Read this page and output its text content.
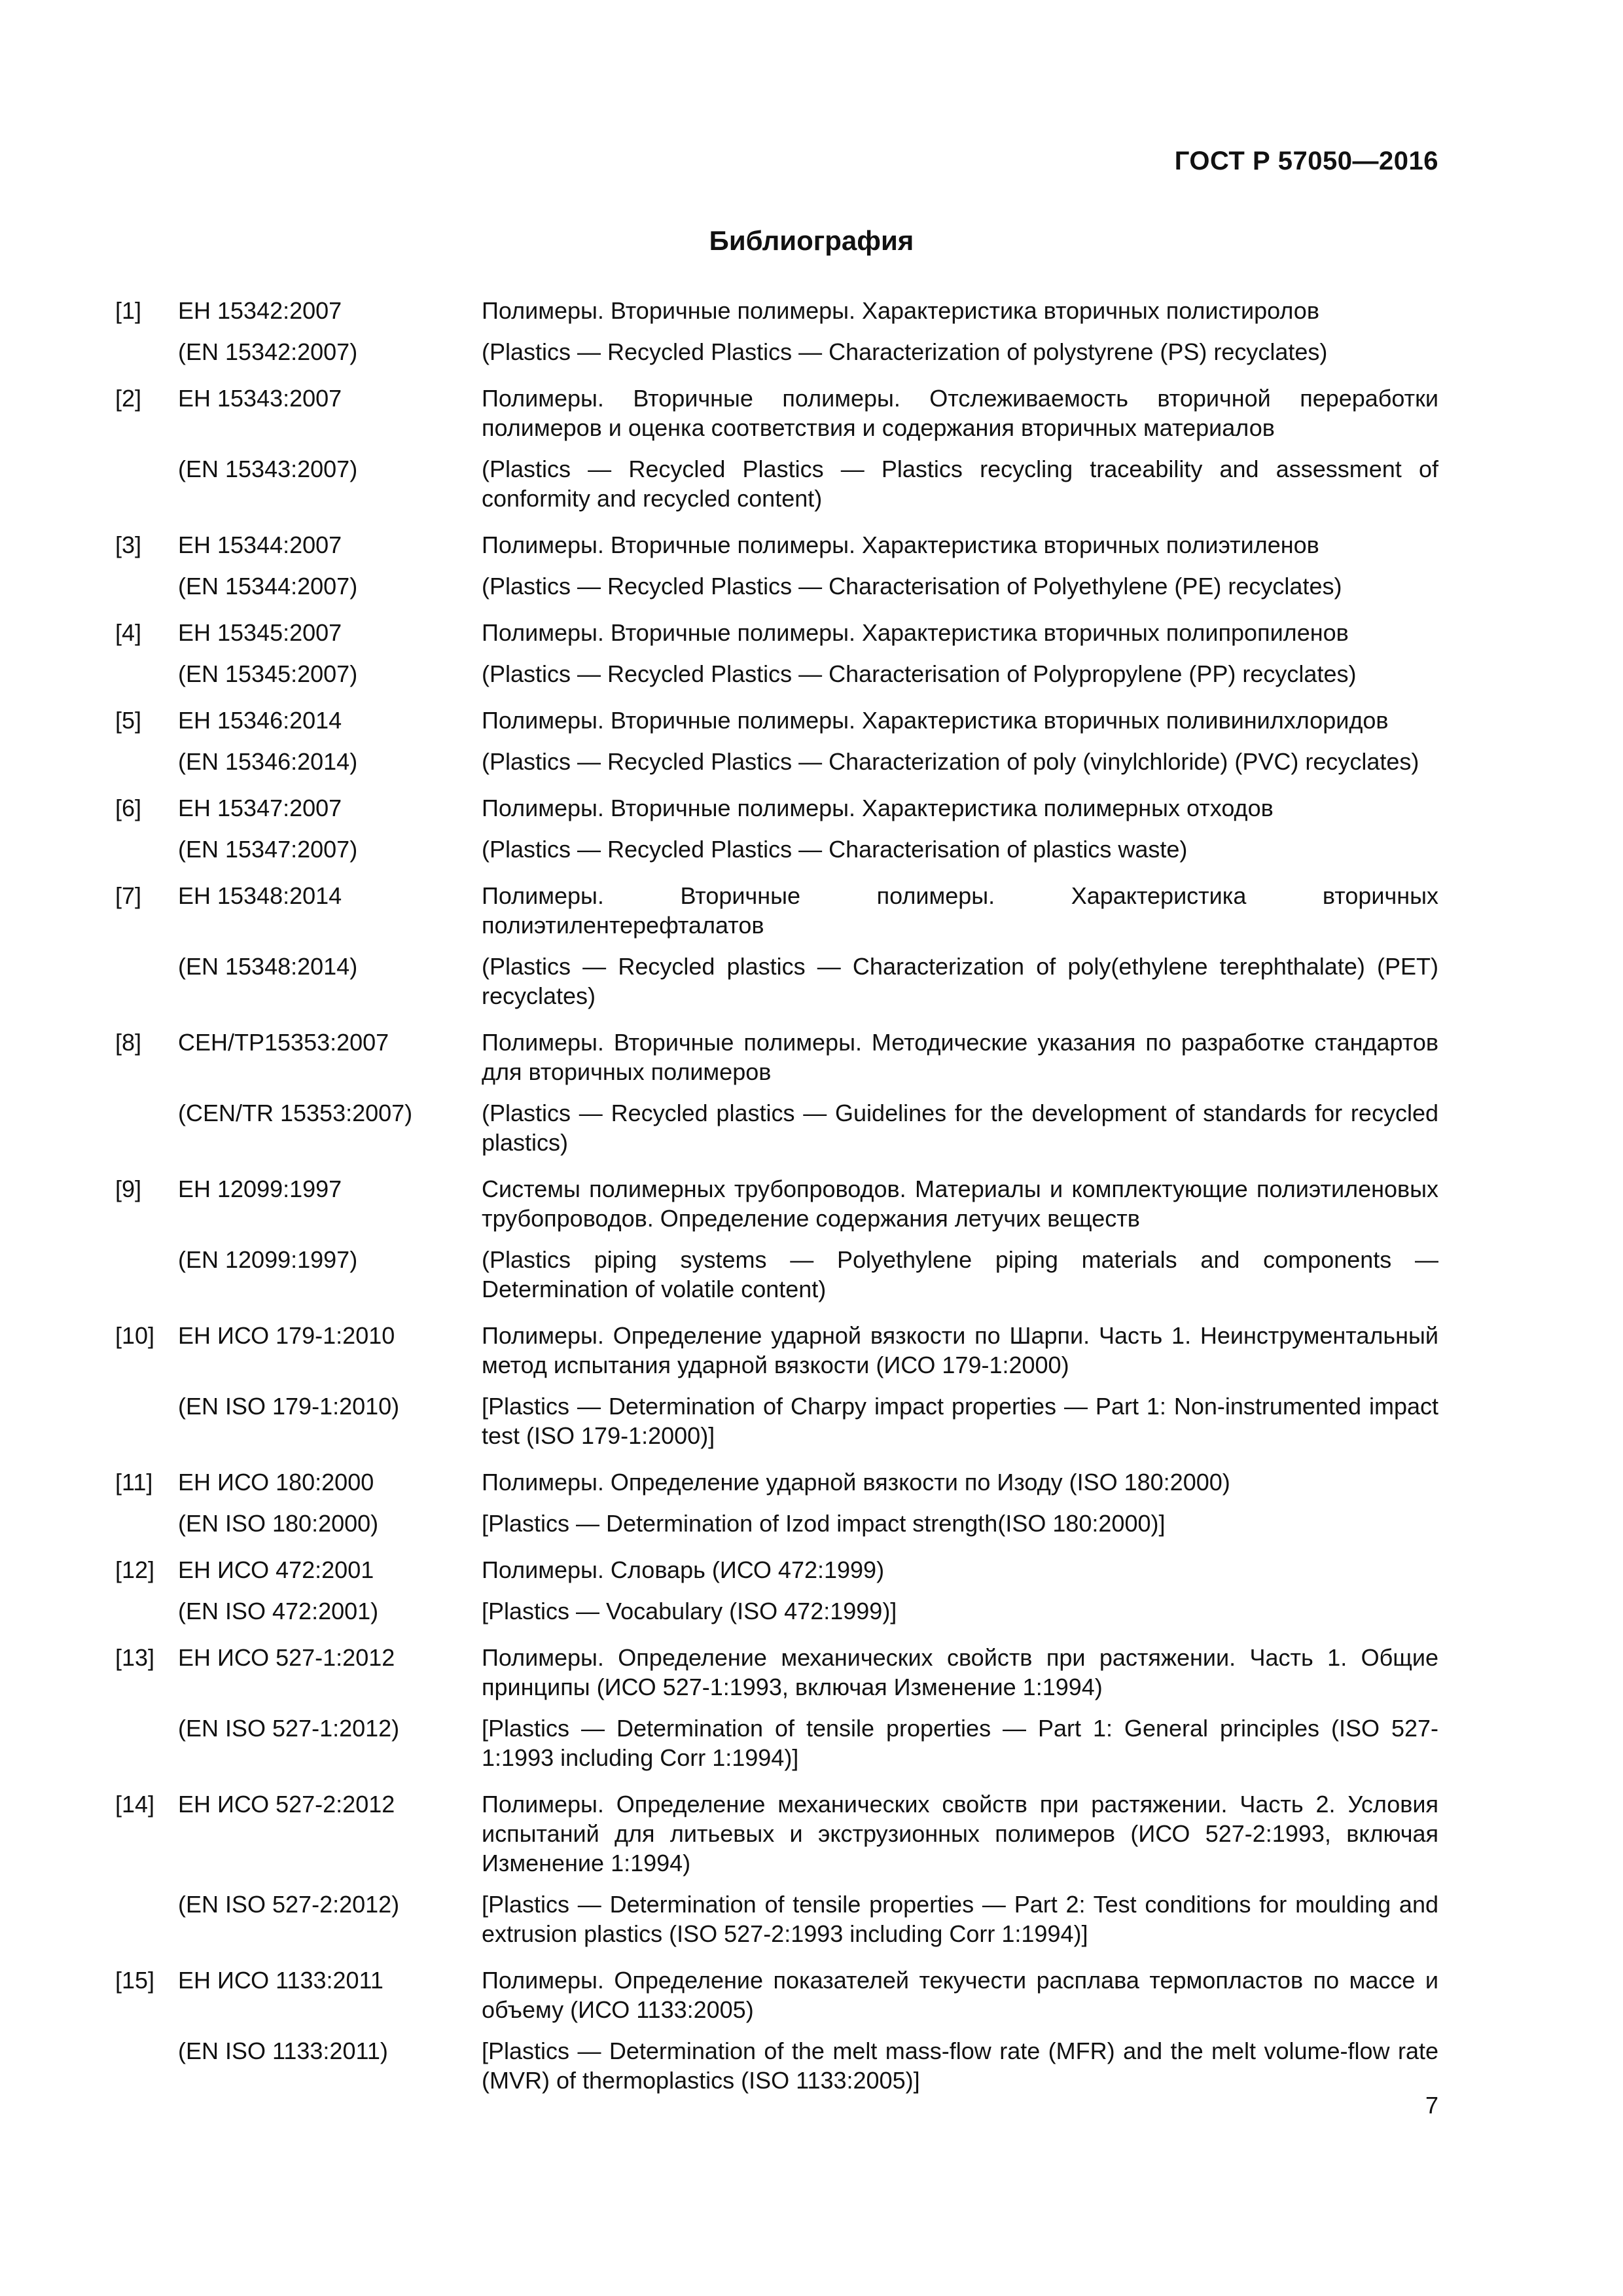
ГОСТ Р 57050—2016
Библиография
[1]	ЕН 15342:2007	Полимеры. Вторичные полимеры. Характеристика вторичных полистиролов
(EN 15342:2007)	(Plastics — Recycled Plastics — Characterization of polystyrene (PS) recyclates)
[2]	ЕН 15343:2007	Полимеры. Вторичные полимеры. Отслеживаемость вторичной переработки полимеров и оценка соответствия и содержания вторичных материалов
(EN 15343:2007)	(Plastics — Recycled Plastics — Plastics recycling traceability and assessment of conformity and recycled content)
[3]	ЕН 15344:2007	Полимеры. Вторичные полимеры. Характеристика вторичных полиэтиленов
(EN 15344:2007)	(Plastics — Recycled Plastics — Characterisation of Polyethylene (PE) recyclates)
[4]	ЕН 15345:2007	Полимеры. Вторичные полимеры. Характеристика вторичных полипропиленов
(EN 15345:2007)	(Plastics — Recycled Plastics — Characterisation of Polypropylene (PP) recyclates)
[5]	ЕН 15346:2014	Полимеры. Вторичные полимеры. Характеристика вторичных поливинилхлоридов
(EN 15346:2014)	(Plastics — Recycled Plastics — Characterization of poly (vinylchloride) (PVC) recyclates)
[6]	ЕН 15347:2007	Полимеры. Вторичные полимеры. Характеристика полимерных отходов
(EN 15347:2007)	(Plastics — Recycled Plastics — Characterisation of plastics waste)
[7]	ЕН 15348:2014	Полимеры. Вторичные полимеры. Характеристика вторичных полиэтилентерефталатов
(EN 15348:2014)	(Plastics — Recycled plastics — Characterization of poly(ethylene terephthalate) (PET) recyclates)
[8]	СЕН/ТР15353:2007	Полимеры. Вторичные полимеры. Методические указания по разработке стандартов для вторичных полимеров
(CEN/TR 15353:2007)	(Plastics — Recycled plastics — Guidelines for the development of standards for recycled plastics)
[9]	ЕН 12099:1997	Системы полимерных трубопроводов. Материалы и комплектующие полиэтиленовых трубопроводов. Определение содержания летучих веществ
(EN 12099:1997)	(Plastics piping systems — Polyethylene piping materials and components — Determination of volatile content)
[10] ЕН ИСО 179-1:2010	Полимеры. Определение ударной вязкости по Шарпи. Часть 1. Неинструментальный метод испытания ударной вязкости (ИСО 179-1:2000)
(EN ISO 179-1:2010)	[Plastics — Determination of Charpy impact properties — Part 1: Non-instrumented impact test (ISO 179-1:2000)]
[11]	ЕН ИСО 180:2000	Полимеры. Определение ударной вязкости по Изоду (ISO 180:2000)
(EN ISO 180:2000)	[Plastics — Determination of Izod impact strength(ISO 180:2000)]
[12] ЕН ИСО 472:2001	Полимеры. Словарь (ИСО 472:1999)
(EN ISO 472:2001)	[Plastics — Vocabulary (ISO 472:1999)]
[13] ЕН ИСО 527-1:2012	Полимеры. Определение механических свойств при растяжении. Часть 1. Общие принципы (ИСО 527-1:1993, включая Изменение 1:1994)
(EN ISO 527-1:2012)	[Plastics — Determination of tensile properties — Part 1: General principles (ISO 527-1:1993 including Corr 1:1994)]
[14] ЕН ИСО 527-2:2012	Полимеры. Определение механических свойств при растяжении. Часть 2. Условия испытаний для литьевых и экструзионных полимеров (ИСО 527-2:1993, включая Изменение 1:1994)
(EN ISO 527-2:2012)	[Plastics — Determination of tensile properties — Part 2: Test conditions for moulding and extrusion plastics (ISO 527-2:1993 including Corr 1:1994)]
[15] ЕН ИСО 1133:2011	Полимеры. Определение показателей текучести расплава термопластов по массе и объему (ИСО 1133:2005)
(EN ISO 1133:2011)	[Plastics — Determination of the melt mass-flow rate (MFR) and the melt volume-flow rate (MVR) of thermoplastics (ISO 1133:2005)]
7
